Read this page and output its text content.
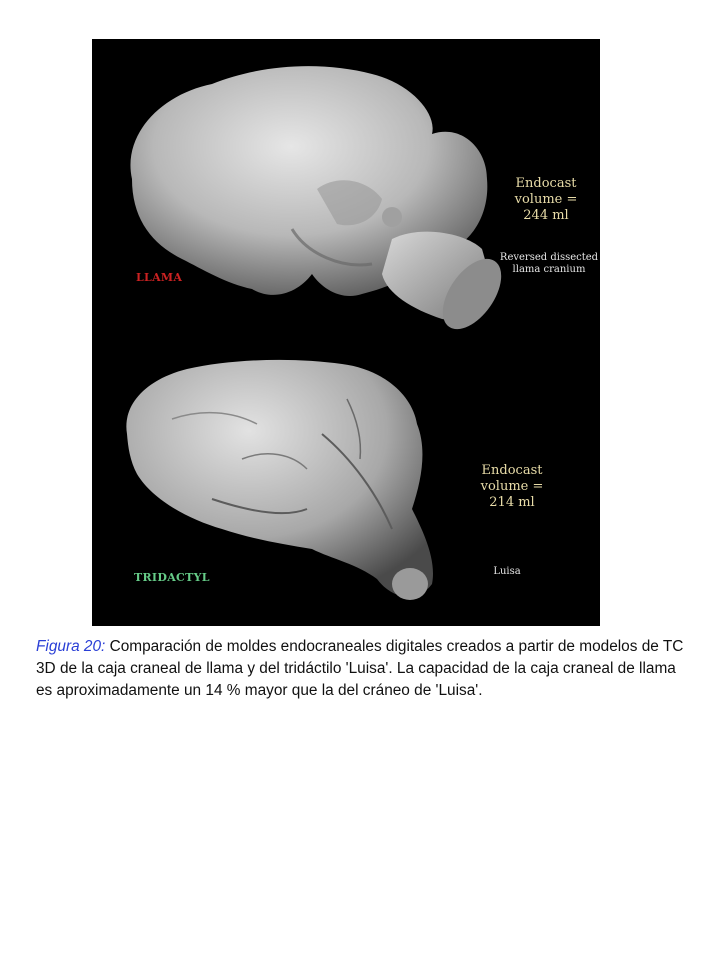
LLAMA
Endocast
volume =
244 ml
Reversed dissected
llama cranium
TRIDACTYL
Endocast
volume =
214 ml
Luisa

Figura 20: Comparación de moldes endocraneales digitales creados a partir de modelos de TC 3D de la caja craneal de llama y del tridáctilo 'Luisa'. La capacidad de la caja craneal de llama es aproximadamente un 14 % mayor que la del cráneo de 'Luisa'.
